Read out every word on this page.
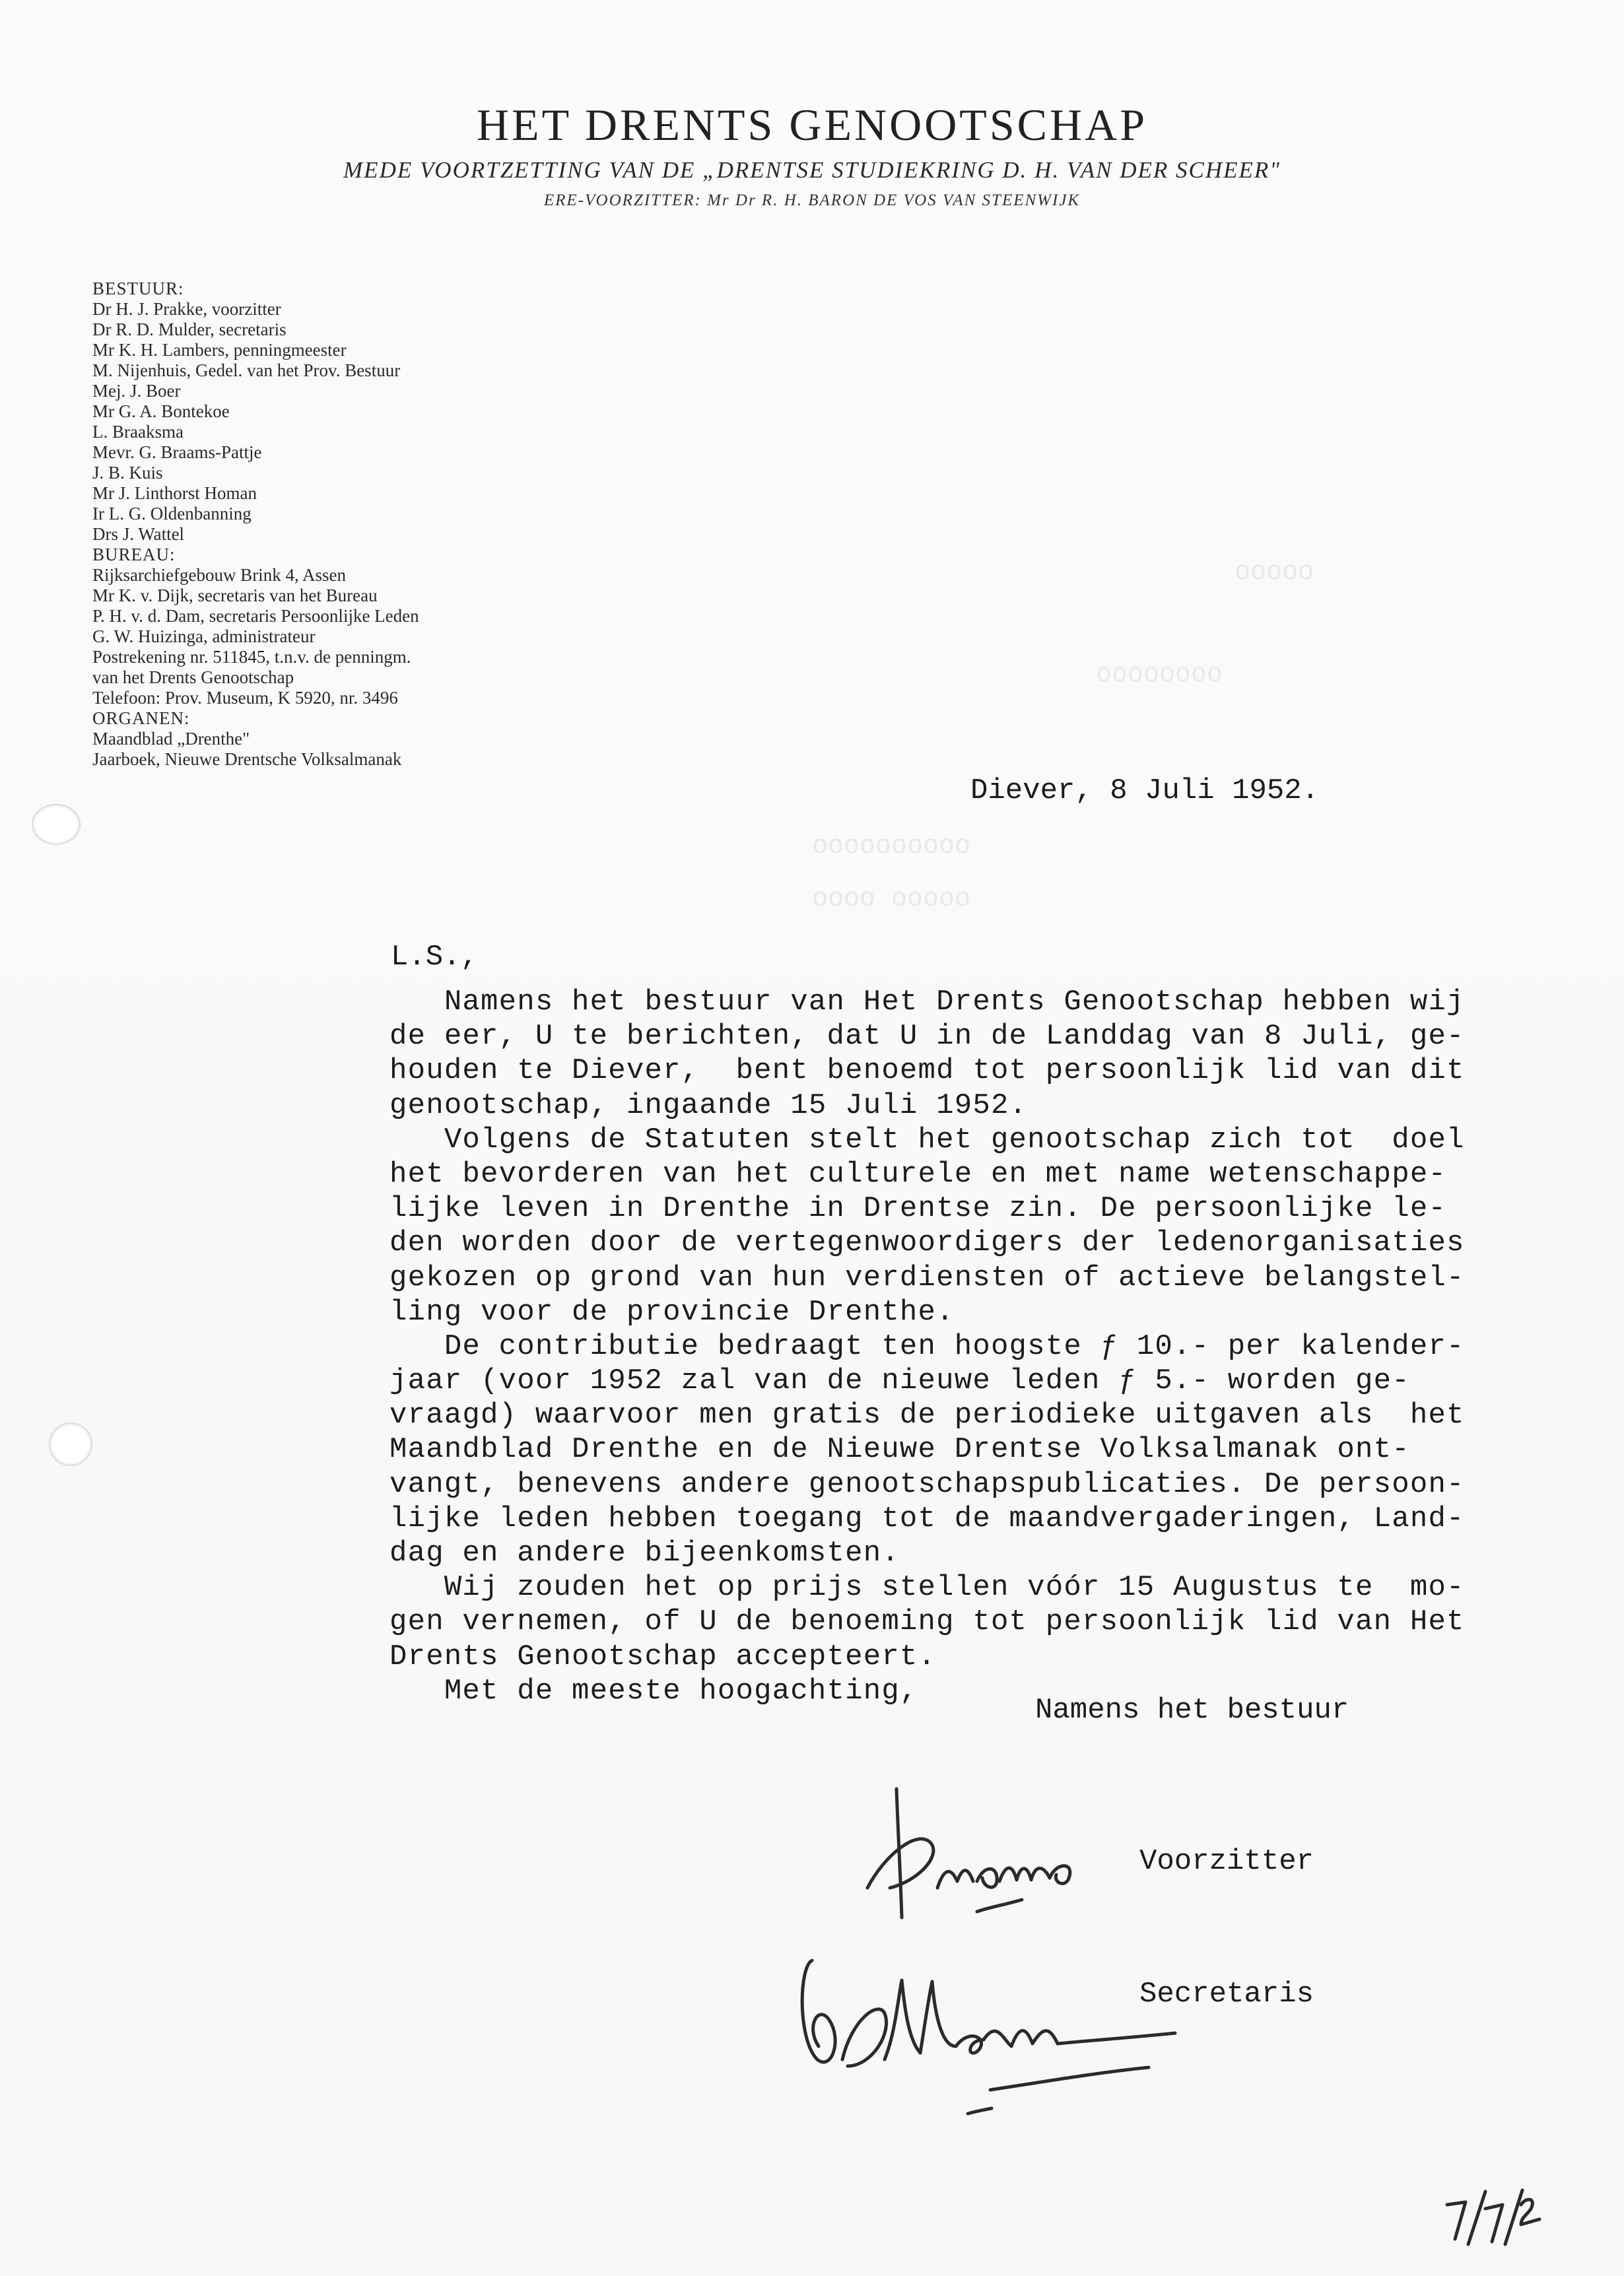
ooooo
oooooooo
oooooooooo
oooo ooooo
HET DRENTS GENOOTSCHAP
MEDE VOORTZETTING VAN DE „DRENTSE STUDIEKRING D. H. VAN DER SCHEER"
ERE-VOORZITTER: Mr Dr R. H. BARON DE VOS VAN STEENWIJK
BESTUUR:
Dr H. J. Prakke, voorzitter
Dr R. D. Mulder, secretaris
Mr K. H. Lambers, penningmeester
M. Nijenhuis, Gedel. van het Prov. Bestuur
Mej. J. Boer
Mr G. A. Bontekoe
L. Braaksma
Mevr. G. Braams-Pattje
J. B. Kuis
Mr J. Linthorst Homan
Ir L. G. Oldenbanning
Drs J. Wattel
BUREAU:
Rijksarchiefgebouw Brink 4, Assen
Mr K. v. Dijk, secretaris van het Bureau
P. H. v. d. Dam, secretaris Persoonlijke Leden
G. W. Huizinga, administrateur
Postrekening nr. 511845, t.n.v. de penningm.
van het Drents Genootschap
Telefoon: Prov. Museum, K 5920, nr. 3496
ORGANEN:
Maandblad „Drenthe"
Jaarboek, Nieuwe Drentsche Volksalmanak
Diever, 8 Juli 1952.
L.S.,
Namens het bestuur van Het Drents Genootschap hebben wij
de eer, U te berichten, dat U in de Landdag van 8 Juli, ge-
houden te Diever,  bent benoemd tot persoonlijk lid van dit
genootschap, ingaande 15 Juli 1952.
Volgens de Statuten stelt het genootschap zich tot  doel
het bevorderen van het culturele en met name wetenschappe-
lijke leven in Drenthe in Drentse zin. De persoonlijke le-
den worden door de vertegenwoordigers der ledenorganisaties
gekozen op grond van hun verdiensten of actieve belangstel-
ling voor de provincie Drenthe.
De contributie bedraagt ten hoogste ƒ 10.- per kalender-
jaar (voor 1952 zal van de nieuwe leden ƒ 5.- worden ge-
vraagd) waarvoor men gratis de periodieke uitgaven als  het
Maandblad Drenthe en de Nieuwe Drentse Volksalmanak ont-
vangt, benevens andere genootschapspublicaties. De persoon-
lijke leden hebben toegang tot de maandvergaderingen, Land-
dag en andere bijeenkomsten.
Wij zouden het op prijs stellen vóór 15 Augustus te  mo-
gen vernemen, of U de benoeming tot persoonlijk lid van Het
Drents Genootschap accepteert.
Met de meeste hoogachting,
Namens het bestuur
Voorzitter
Secretaris
